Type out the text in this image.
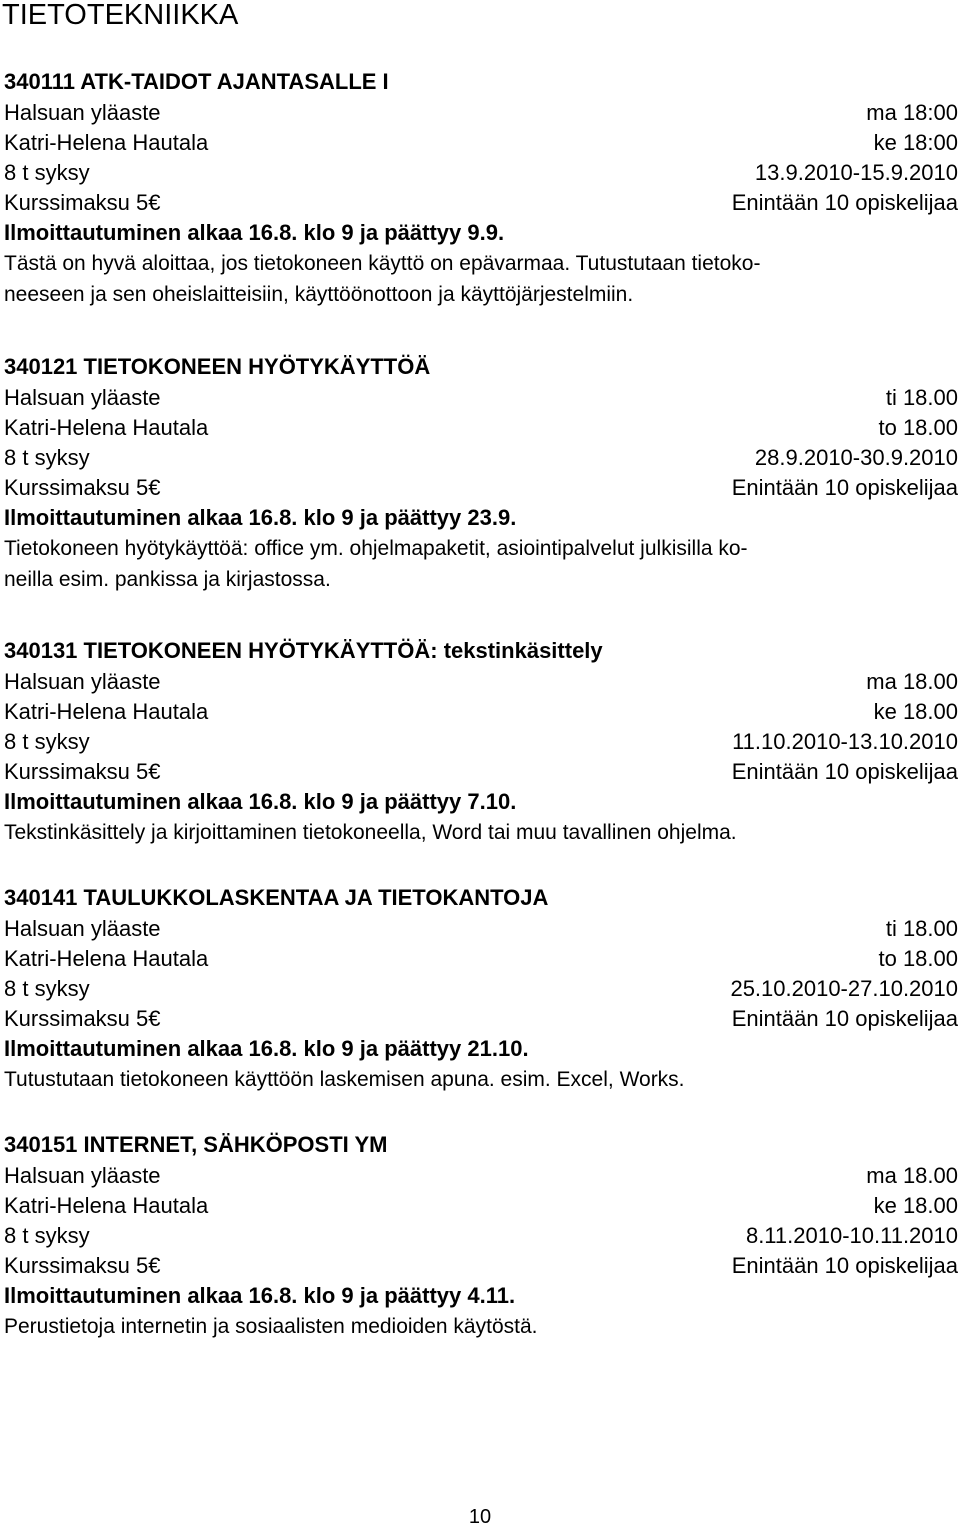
TIETOTEKNIIKKA
340111 ATK-TAIDOT AJANTASALLE I
Halsuan yläaste	ma 18:00
Katri-Helena Hautala	ke 18:00
8 t syksy	13.9.2010-15.9.2010
Kurssimaksu 5€	Enintään 10 opiskelijaa
Ilmoittautuminen alkaa 16.8. klo 9 ja päättyy 9.9.
Tästä on hyvä aloittaa, jos tietokoneen käyttö on epävarmaa. Tutustutaan tietoko-
neeseen ja sen oheislaitteisiin, käyttöönottoon ja käyttöjärjestelmiin.
340121 TIETOKONEEN HYÖTYKÄYTTÖÄ
Halsuan yläaste	ti 18.00
Katri-Helena Hautala	to 18.00
8 t syksy	28.9.2010-30.9.2010
Kurssimaksu 5€	Enintään 10 opiskelijaa
Ilmoittautuminen alkaa 16.8. klo 9 ja päättyy 23.9.
Tietokoneen hyötykäyttöä: office ym. ohjelmapaketit, asiointipalvelut julkisilla ko-
neilla esim. pankissa ja kirjastossa.
340131 TIETOKONEEN HYÖTYKÄYTTÖÄ: tekstinkäsittely
Halsuan yläaste	ma 18.00
Katri-Helena Hautala	ke 18.00
8 t syksy	11.10.2010-13.10.2010
Kurssimaksu 5€	Enintään 10 opiskelijaa
Ilmoittautuminen alkaa 16.8. klo 9 ja päättyy 7.10.
Tekstinkäsittely ja kirjoittaminen tietokoneella, Word tai muu tavallinen ohjelma.
340141 TAULUKKOLASKENTAA JA TIETOKANTOJA
Halsuan yläaste	ti 18.00
Katri-Helena Hautala	to 18.00
8 t syksy	25.10.2010-27.10.2010
Kurssimaksu 5€	Enintään 10 opiskelijaa
Ilmoittautuminen alkaa 16.8. klo 9 ja päättyy 21.10.
Tutustutaan tietokoneen käyttöön laskemisen apuna. esim. Excel, Works.
340151 INTERNET, SÄHKÖPOSTI YM
Halsuan yläaste	ma 18.00
Katri-Helena Hautala	ke 18.00
8 t syksy	8.11.2010-10.11.2010
Kurssimaksu 5€	Enintään 10 opiskelijaa
Ilmoittautuminen alkaa 16.8. klo 9 ja päättyy 4.11.
Perustietoja internetin ja sosiaalisten medioiden käytöstä.
10
